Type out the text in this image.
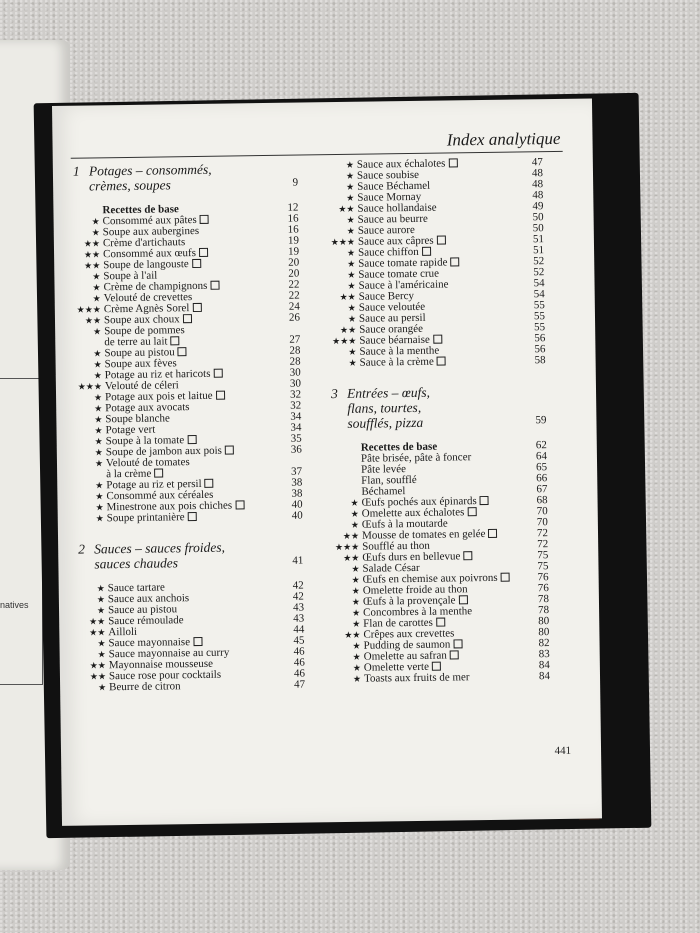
natives
Index analytique
1 Potages – consommés,
crèmes, soupes	9
Recettes de base	12
★ Consommé aux pâtes	16
★ Soupe aux aubergines	16
★★ Crème d'artichauts	19
★★ Consommé aux œufs	19
★★ Soupe de langouste	20
★ Soupe à l'ail	20
★ Crème de champignons	22
★ Velouté de crevettes	22
★★★ Crème Agnès Sorel	24
★★ Soupe aux choux	26
★ Soupe de pommes
de terre au lait	27
★ Soupe au pistou	28
★ Soupe aux fèves	28
★ Potage au riz et haricots	30
★★★ Velouté de céleri	30
★ Potage aux pois et laitue	32
★ Potage aux avocats	32
★ Soupe blanche	34
★ Potage vert	34
★ Soupe à la tomate	35
★ Soupe de jambon aux pois	36
★ Velouté de tomates
à la crème	37
★ Potage au riz et persil	38
★ Consommé aux céréales	38
★ Minestrone aux pois chiches	40
★ Soupe printanière	40
2 Sauces – sauces froides,
sauces chaudes	41
★ Sauce tartare	42
★ Sauce aux anchois	42
★ Sauce au pistou	43
★★ Sauce rémoulade	43
★★ Ailloli	44
★ Sauce mayonnaise	45
★ Sauce mayonnaise au curry	46
★★ Mayonnaise mousseuse	46
★★ Sauce rose pour cocktails	46
★ Beurre de citron	47
★ Sauce aux échalotes	47
★ Sauce soubise	48
★ Sauce Béchamel	48
★ Sauce Mornay	48
★★ Sauce hollandaise	49
★ Sauce au beurre	50
★ Sauce aurore	50
★★★ Sauce aux câpres	51
★ Sauce chiffon	51
★ Sauce tomate rapide	52
★ Sauce tomate crue	52
★ Sauce à l'américaine	54
★★ Sauce Bercy	54
★ Sauce veloutée	55
★ Sauce au persil	55
★★ Sauce orangée	55
★★★ Sauce béarnaise	56
★ Sauce à la menthe	56
★ Sauce à la crème	58
3 Entrées – œufs,
flans, tourtes,
soufflés, pizza	59
Recettes de base	62
Pâte brisée, pâte à foncer	64
Pâte levée	65
Flan, soufflé	66
Béchamel	67
★ Œufs pochés aux épinards	68
★ Omelette aux échalotes	70
★ Œufs à la moutarde	70
★★ Mousse de tomates en gelée	72
★★★ Soufflé au thon	72
★★ Œufs durs en bellevue	75
★ Salade César	75
★ Œufs en chemise aux poivrons	76
★ Omelette froide au thon	76
★ Œufs à la provençale	78
★ Concombres à la menthe	78
★ Flan de carottes	80
★★ Crêpes aux crevettes	80
★ Pudding de saumon	82
★ Omelette au safran	83
★ Omelette verte	84
★ Toasts aux fruits de mer	84
441
